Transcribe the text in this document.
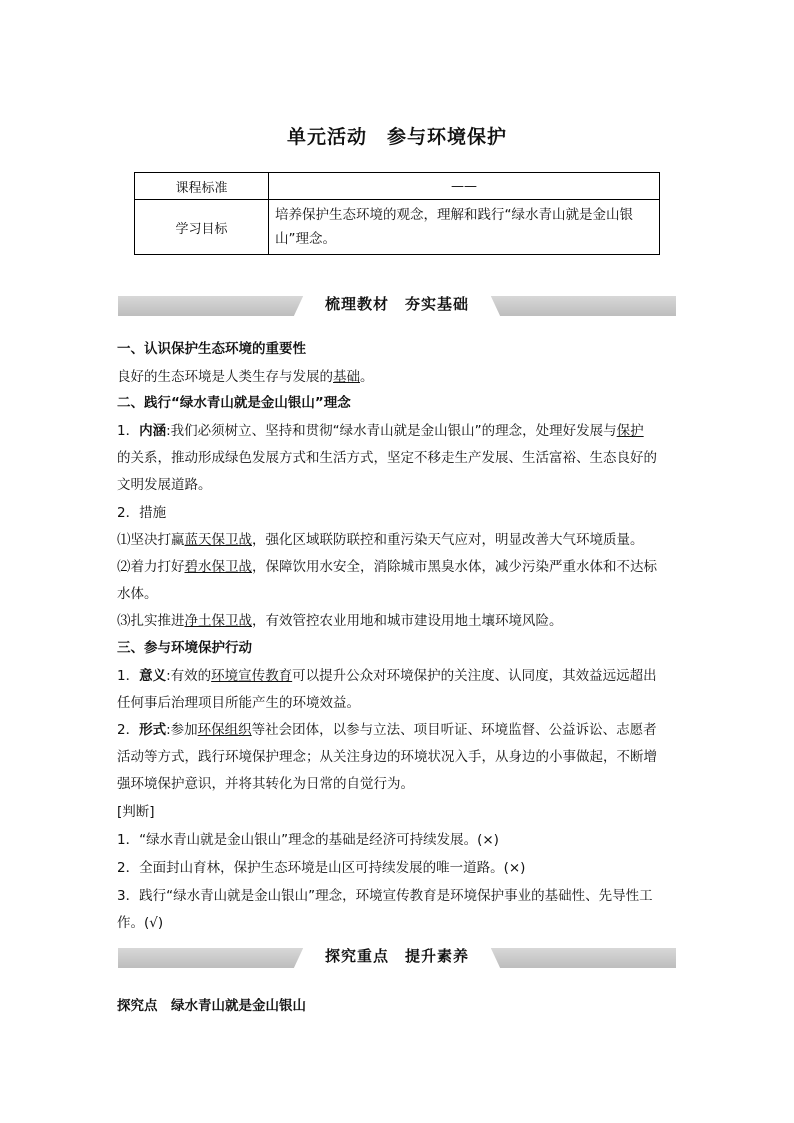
单元活动　参与环境保护
课程标准	——

学习目标	培养保护生态环境的观念，理解和践行“绿水青山就是金山银
山”理念。
梳理教材　夯实基础
一、认识保护生态环境的重要性
良好的生态环境是人类生存与发展的基础。
二、践行“绿水青山就是金山银山”理念
1．内涵:我们必须树立、坚持和贯彻“绿水青山就是金山银山”的理念，处理好发展与保护
的关系，推动形成绿色发展方式和生活方式，坚定不移走生产发展、生活富裕、生态良好的
文明发展道路。
2．措施
⑴坚决打赢蓝天保卫战，强化区域联防联控和重污染天气应对，明显改善大气环境质量。
⑵着力打好碧水保卫战，保障饮用水安全，消除城市黑臭水体，减少污染严重水体和不达标
水体。
⑶扎实推进净土保卫战，有效管控农业用地和城市建设用地土壤环境风险。
三、参与环境保护行动
1．意义:有效的环境宣传教育可以提升公众对环境保护的关注度、认同度，其效益远远超出
任何事后治理项目所能产生的环境效益。
2．形式:参加环保组织等社会团体，以参与立法、项目听证、环境监督、公益诉讼、志愿者
活动等方式，践行环境保护理念；从关注身边的环境状况入手，从身边的小事做起，不断增
强环境保护意识，并将其转化为日常的自觉行为。
[判断]
1．“绿水青山就是金山银山”理念的基础是经济可持续发展。(×)
2．全面封山育林，保护生态环境是山区可持续发展的唯一道路。(×)
3．践行“绿水青山就是金山银山”理念，环境宣传教育是环境保护事业的基础性、先导性工
作。(√)
探究重点　提升素养
探究点　绿水青山就是金山银山
